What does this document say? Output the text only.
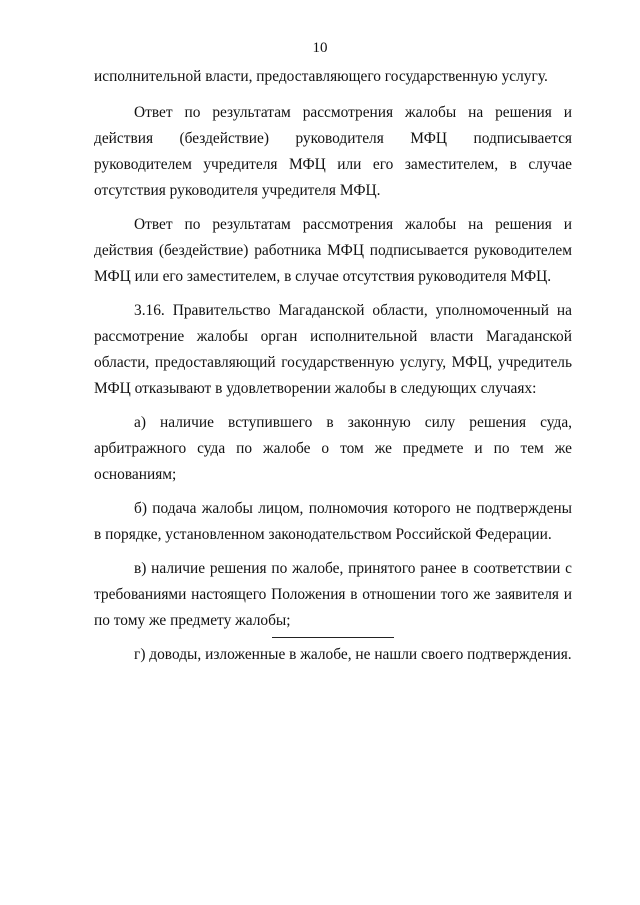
10

исполнительной власти, предоставляющего государственную услугу.

Ответ по результатам рассмотрения жалобы на решения и действия (бездействие) руководителя МФЦ подписывается руководителем учредителя МФЦ или его заместителем, в случае отсутствия руководителя учредителя МФЦ.

Ответ по результатам рассмотрения жалобы на решения и действия (бездействие) работника МФЦ подписывается руководителем МФЦ или его заместителем, в случае отсутствия руководителя МФЦ.

3.16. Правительство Магаданской области, уполномоченный на рассмотрение жалобы орган исполнительной власти Магаданской области, предоставляющий государственную услугу, МФЦ, учредитель МФЦ отказывают в удовлетворении жалобы в следующих случаях:

а) наличие вступившего в законную силу решения суда, арбитражного суда по жалобе о том же предмете и по тем же основаниям;

б) подача жалобы лицом, полномочия которого не подтверждены в порядке, установленном законодательством Российской Федерации.

в) наличие решения по жалобе, принятого ранее в соответствии с требованиями настоящего Положения в отношении того же заявителя и по тому же предмету жалобы;

г) доводы, изложенные в жалобе, не нашли своего подтверждения.
